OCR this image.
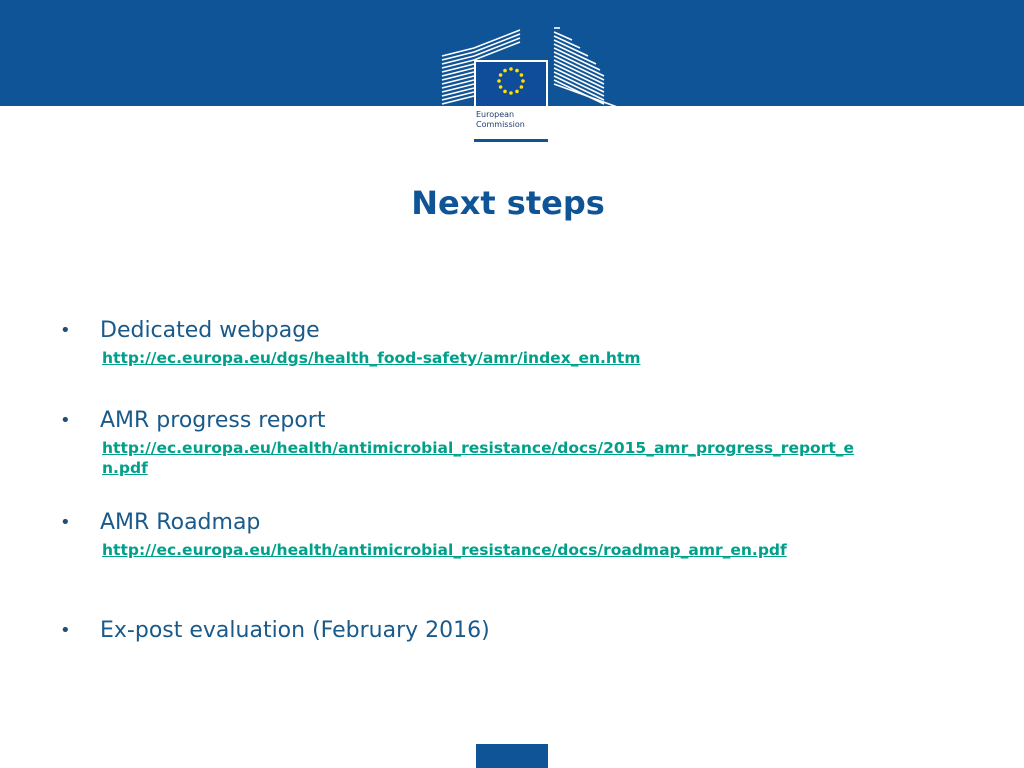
European
Commission
Next steps
• Dedicated webpage
http://ec.europa.eu/dgs/health_food-safety/amr/index_en.htm
• AMR progress report
http://ec.europa.eu/health/antimicrobial_resistance/docs/2015_amr_progress_report_en.pdf
• AMR Roadmap
http://ec.europa.eu/health/antimicrobial_resistance/docs/roadmap_amr_en.pdf
• Ex-post evaluation (February 2016)
